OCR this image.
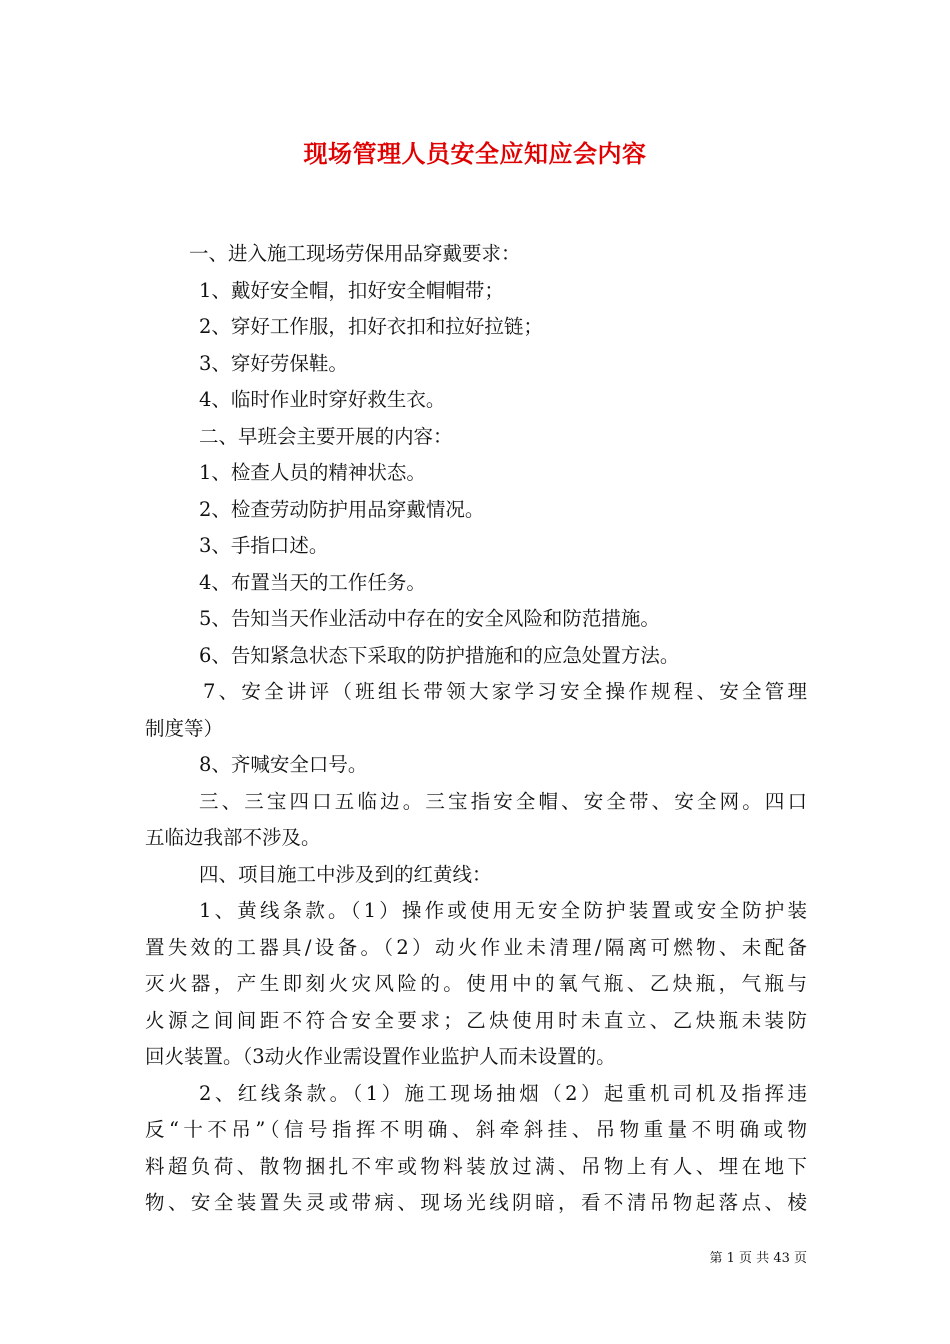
现场管理人员安全应知应会内容
一、进入施工现场劳保用品穿戴要求：
1、戴好安全帽，扣好安全帽帽带；
2、穿好工作服，扣好衣扣和拉好拉链；
3、穿好劳保鞋。
4、临时作业时穿好救生衣。
二、早班会主要开展的内容：
1、检查人员的精神状态。
2、检查劳动防护用品穿戴情况。
3、手指口述。
4、布置当天的工作任务。
5、告知当天作业活动中存在的安全风险和防范措施。
6、告知紧急状态下采取的防护措施和的应急处置方法。
7、安全讲评（班组长带领大家学习安全操作规程、安全管理
制度等）
8、齐喊安全口号。
三、三宝四口五临边。三宝指安全帽、安全带、安全网。四口
五临边我部不涉及。
四、项目施工中涉及到的红黄线：
1、黄线条款。（1）操作或使用无安全防护装置或安全防护装
置失效的工器具/设备。（2）动火作业未清理/隔离可燃物、未配备
灭火器，产生即刻火灾风险的。使用中的氧气瓶、乙炔瓶，气瓶与
火源之间间距不符合安全要求；乙炔使用时未直立、乙炔瓶未装防
回火装置。（3动火作业需设置作业监护人而未设置的。
2、红线条款。（1）施工现场抽烟（2）起重机司机及指挥违
反“十不吊”（信号指挥不明确、斜牵斜挂、吊物重量不明确或物
料超负荷、散物捆扎不牢或物料装放过满、吊物上有人、埋在地下
物、安全装置失灵或带病、现场光线阴暗，看不清吊物起落点、棱
第 1 页 共 43 页
